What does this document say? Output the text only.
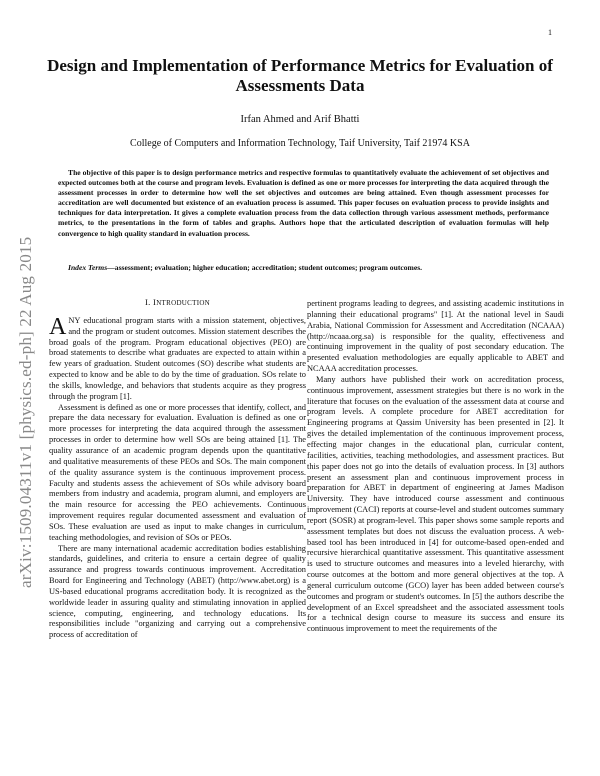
1
arXiv:1509.04311v1 [physics.ed-ph] 22 Aug 2015
Design and Implementation of Performance Metrics for Evaluation of Assessments Data
Irfan Ahmed and Arif Bhatti
College of Computers and Information Technology, Taif University, Taif 21974 KSA

The objective of this paper is to design performance metrics and respective formulas to quantitatively evaluate the achievement of set objectives and expected outcomes both at the course and program levels. Evaluation is defined as one or more processes for interpreting the data acquired through the assessment processes in order to determine how well the set objectives and outcomes are being attained. Even though assessment processes for accreditation are well documented but existence of an evaluation process is assumed. This paper focuses on evaluation process to provide insights and techniques for data interpretation. It gives a complete evaluation process from the data collection through various assessment methods, performance metrics, to the presentations in the form of tables and graphs. Authors hope that the articulated description of evaluation formulas will help convergence to high quality standard in evaluation process.

Index Terms—assessment; evaluation; higher education; accreditation; student outcomes; program outcomes.

I. INTRODUCTION

ANY educational program starts with a mission statement, objectives, and the program or student outcomes. Mission statement describes the broad goals of the program. Program educational objectives (PEO) are broad statements to describe what graduates are expected to attain within a few years of graduation. Student outcomes (SO) describe what students are expected to know and be able to do by the time of graduation. SOs relate to the skills, knowledge, and behaviors that students acquire as they progress through the program [1].

Assessment is defined as one or more processes that identify, collect, and prepare the data necessary for evaluation. Evaluation is defined as one or more processes for interpreting the data acquired through the assessment processes in order to determine how well SOs are being attained [1]. The quality assurance of an academic program depends upon the quantitative and qualitative measurements of these PEOs and SOs. The main component of the quality assurance system is the continuous improvement process. Faculty and students assess the achievement of SOs while advisory board members from industry and academia, program alumni, and employers are the main resource for accessing the PEO achievements. Continuous improvement requires regular documented assessment and evaluation of SOs. These evaluation are used as input to make changes in curriculum, teaching methodologies, and revision of SOs or PEOs.

There are many international academic accreditation bodies establishing standards, guidelines, and criteria to ensure a certain degree of quality assurance and progress towards continuous improvement. Accreditation Board for Engineering and Technology (ABET) (http://www.abet.org) is a US-based educational programs accreditation body. It is recognized as the worldwide leader in assuring quality and stimulating innovation in applied science, computing, engineering, and technology educations. Its responsibilities include "organizing and carrying out a comprehensive process of accreditation of

pertinent programs leading to degrees, and assisting academic institutions in planning their educational programs" [1]. At the national level in Saudi Arabia, National Commission for Assessment and Accreditation (NCAAA) (http://ncaaa.org.sa) is responsible for the quality, effectiveness and continuing improvement in the quality of post secondary education. The presented evaluation methodologies are equally applicable to ABET and NCAAA accreditation processes.

Many authors have published their work on accreditation process, continuous improvement, assessment strategies but there is no work in the literature that focuses on the evaluation of the assessment data at course and program levels. A complete procedure for ABET accreditation for Engineering programs at Qassim University has been presented in [2]. It gives the detailed implementation of the continuous improvement process, effecting major changes in the educational plan, curricular content, facilities, activities, teaching methodologies, and assessment practices. But this paper does not go into the details of evaluation process. In [3] authors present an assessment plan and continuous improvement process in preparation for ABET in department of engineering at James Madison University. They have introduced course assessment and continuous improvement (CACI) reports at course-level and student outcomes summary report (SOSR) at program-level. This paper shows some sample reports and assessment templates but does not discuss the evaluation process. A web-based tool has been introduced in [4] for outcome-based open-ended and recursive hierarchical quantitative assessment. This quantitative assessment is used to structure outcomes and measures into a leveled hierarchy, with course outcomes at the bottom and more general objectives at the top. A general curriculum outcome (GCO) layer has been added between course's outcomes and program or student's outcomes. In [5] the authors describe the development of an Excel spreadsheet and the associated assessment tools for a technical design course to measure its success and ensure its continuous improvement to meet the requirements of the
